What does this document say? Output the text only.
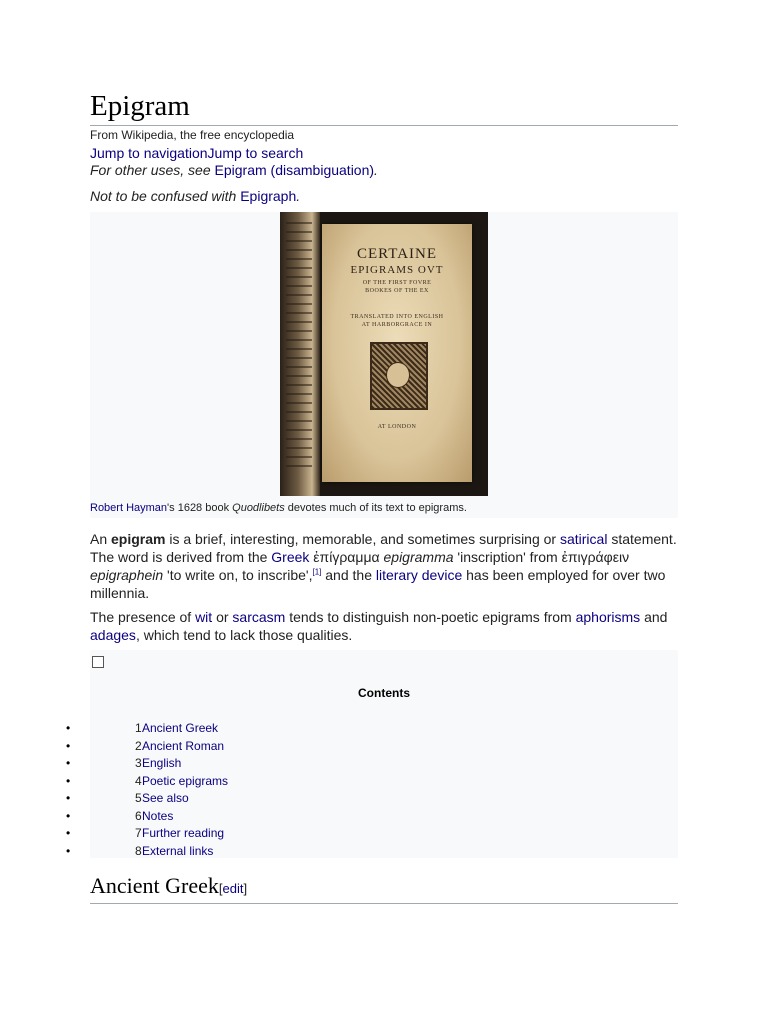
Epigram
From Wikipedia, the free encyclopedia
Jump to navigationJump to search
For other uses, see Epigram (disambiguation).
Not to be confused with Epigraph.
CERTAINE
EPIGRAMS OVT
OF THE FIRST FOVRE
BOOKES OF THE EX
TRANSLATED INTO ENGLISH
AT HARBORGRACE IN
AT LONDON
Robert Hayman's 1628 book Quodlibets devotes much of its text to epigrams.
An epigram is a brief, interesting, memorable, and sometimes surprising or satirical statement. The word is derived from the Greek ἐπίγραμμα epigramma 'inscription' from ἐπιγράφειν epigraphein 'to write on, to inscribe',[1] and the literary device has been employed for over two millennia.
The presence of wit or sarcasm tends to distinguish non-poetic epigrams from aphorisms and adages, which tend to lack those qualities.
Contents
•	1 Ancient Greek
•	2 Ancient Roman
•	3 English
•	4 Poetic epigrams
•	5 See also
•	6 Notes
•	7 Further reading
•	8 External links
Ancient Greek[edit]
